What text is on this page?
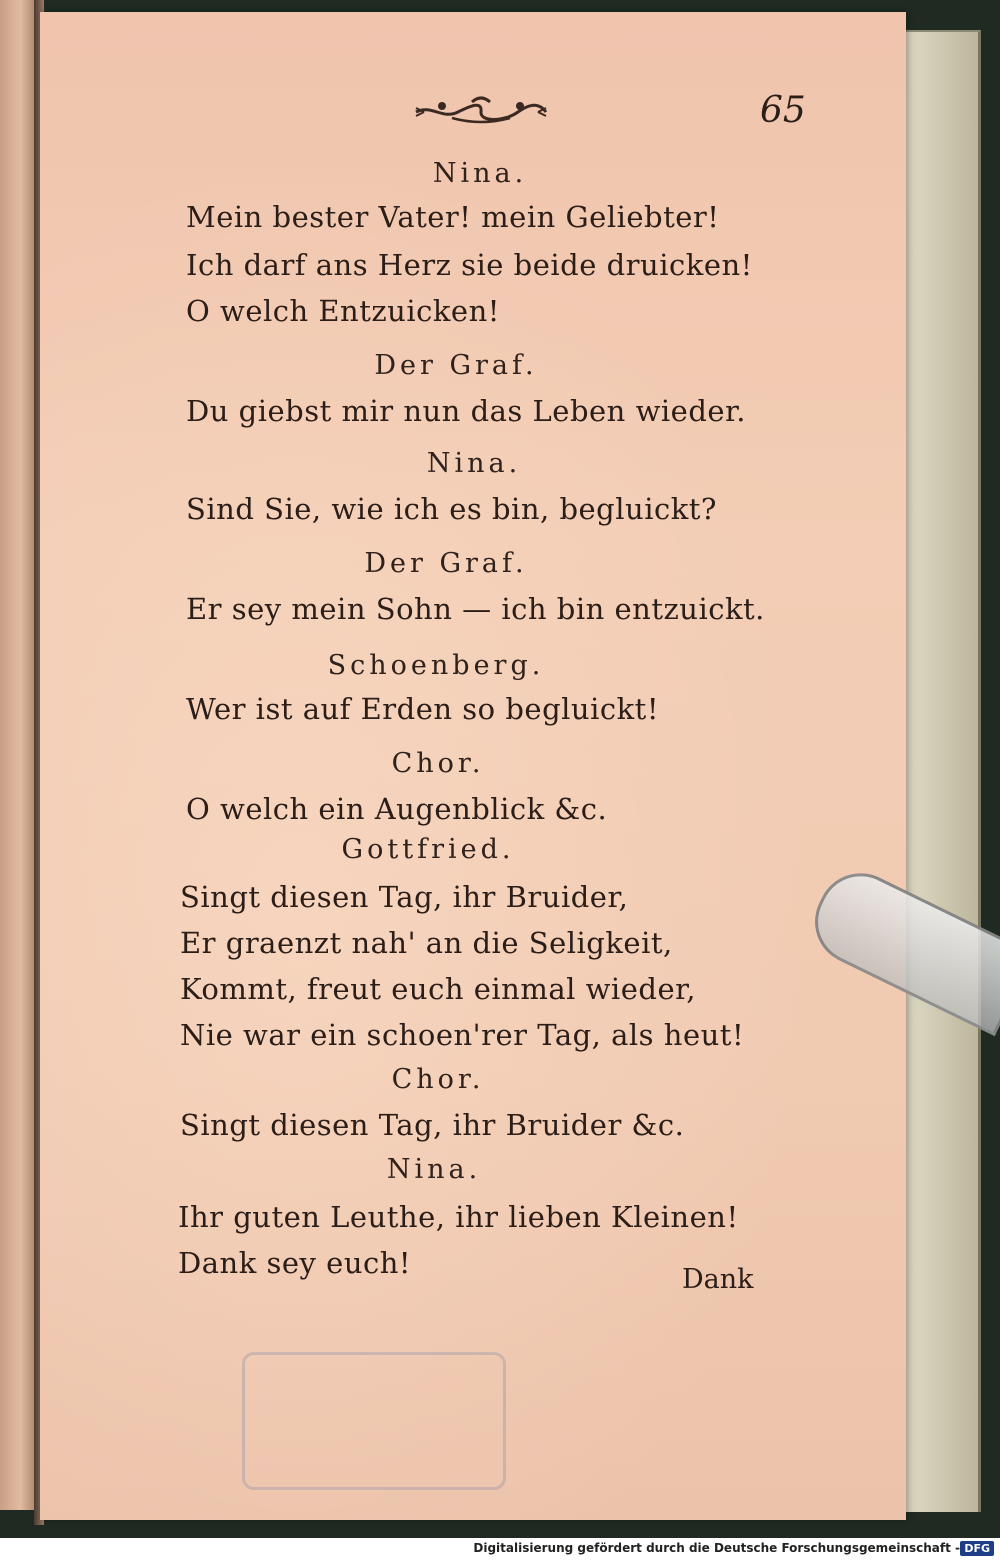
65
Nina.
Mein bester Vater! mein Geliebter!
Ich darf ans Herz sie beide druicken!
O welch Entzuicken!
Der Graf.
Du giebst mir nun das Leben wieder.
Nina.
Sind Sie, wie ich es bin, begluickt?
Der Graf.
Er sey mein Sohn — ich bin entzuickt.
Schoenberg.
Wer ist auf Erden so begluickt!
Chor.
O welch ein Augenblick &c.
Gottfried.
Singt diesen Tag, ihr Bruider,
Er graenzt nah' an die Seligkeit,
Kommt, freut euch einmal wieder,
Nie war ein schoen'rer Tag, als heut!
Chor.
Singt diesen Tag, ihr Bruider &c.
Nina.
Ihr guten Leuthe, ihr lieben Kleinen!
Dank sey euch!	Dank
Digitalisierung gefördert durch die Deutsche Forschungsgemeinschaft - DFG
